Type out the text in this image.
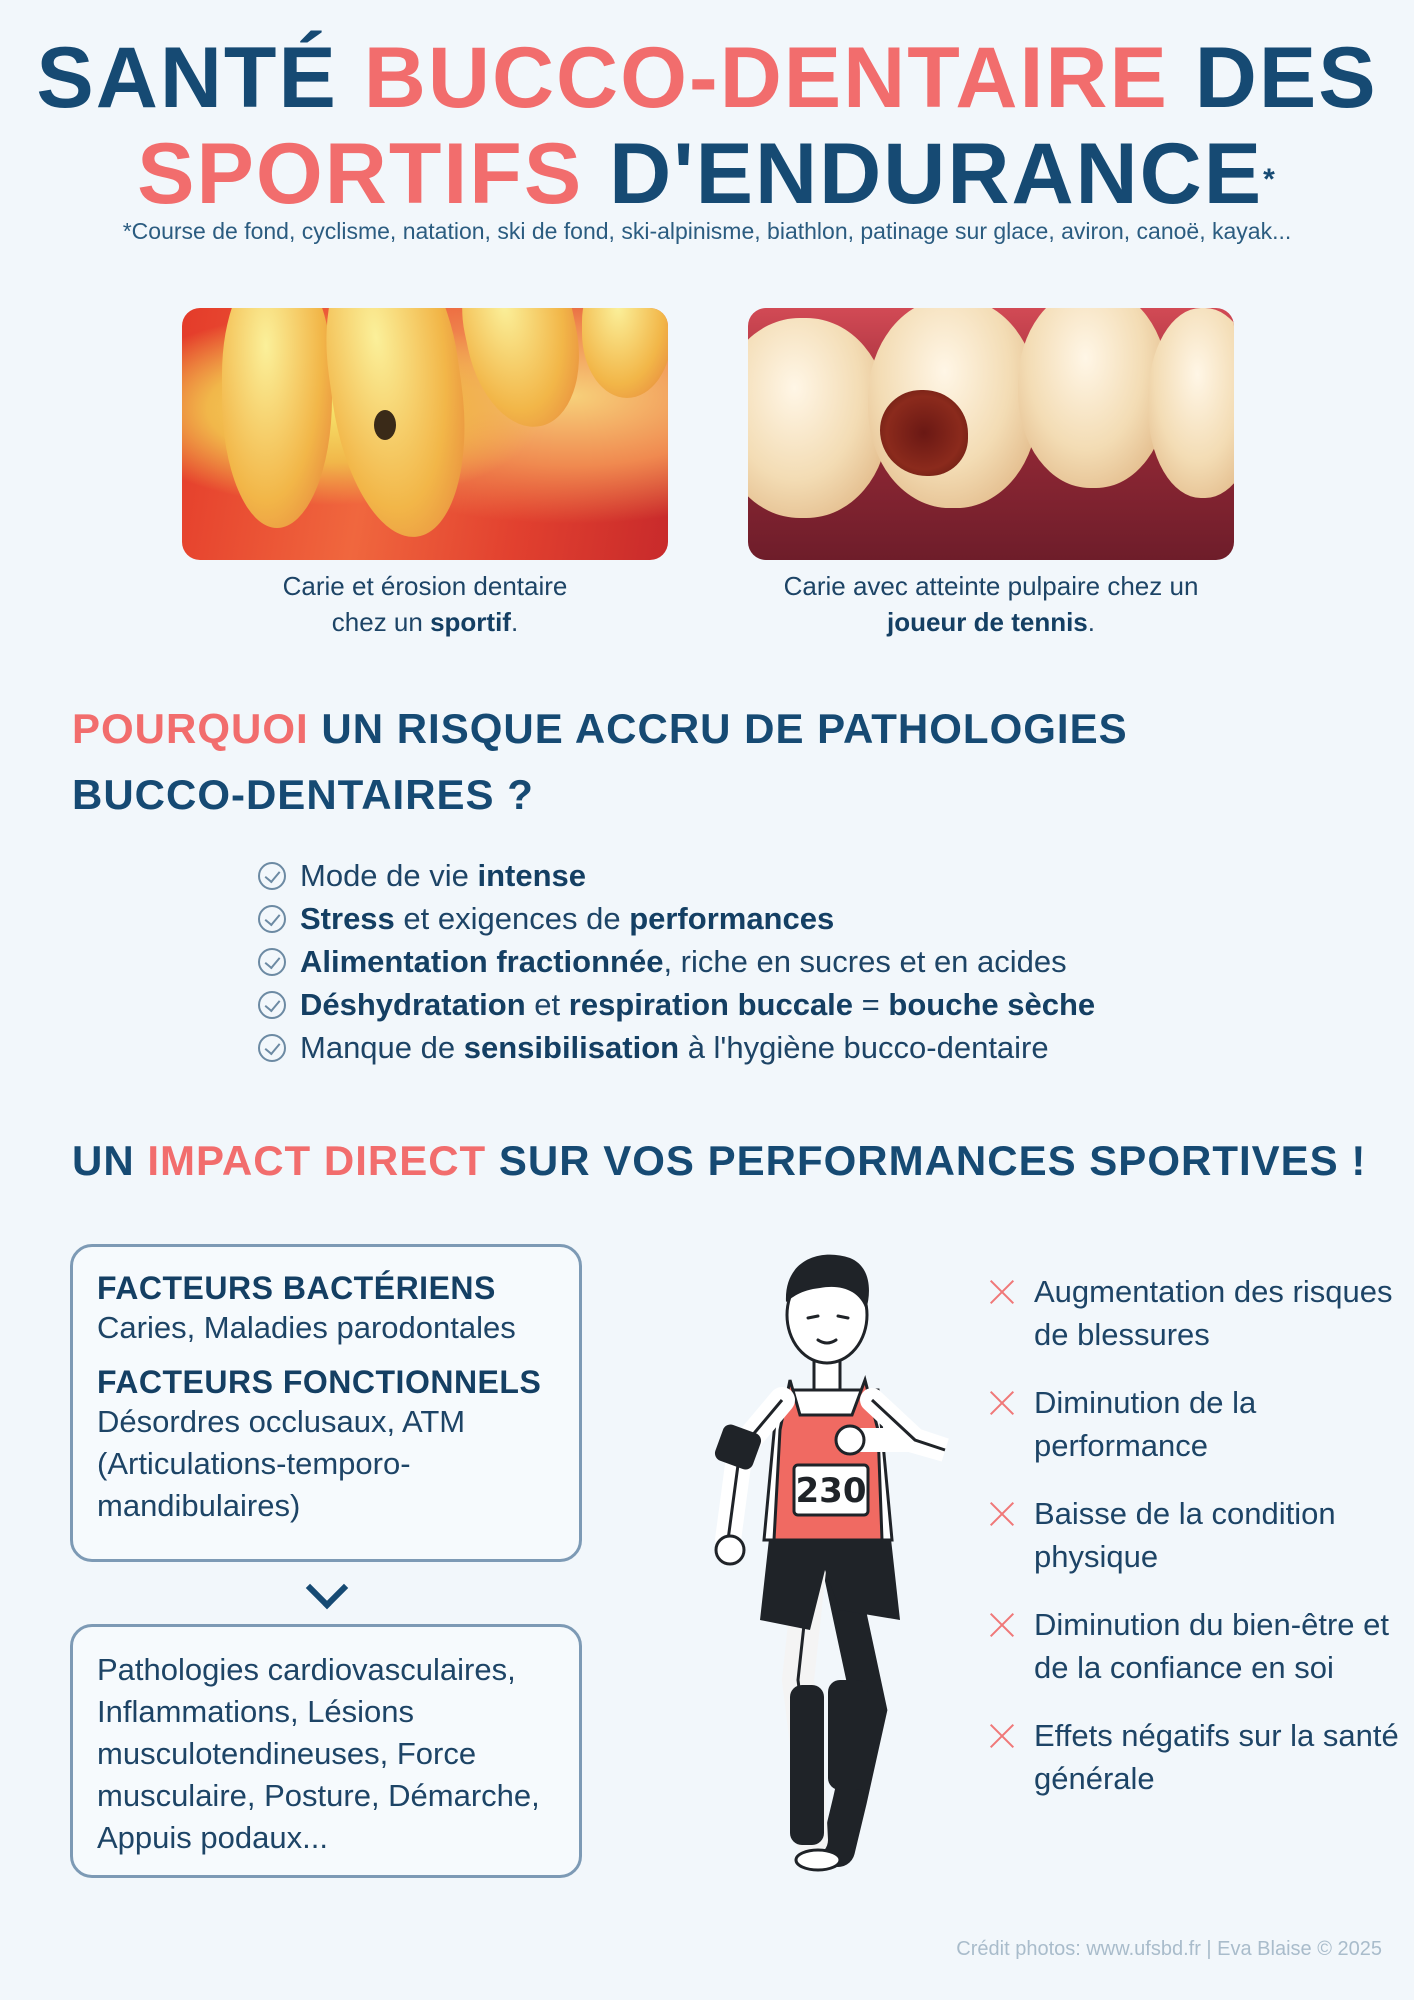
SANTÉ BUCCO-DENTAIRE DES
SPORTIFS D'ENDURANCE*

*Course de fond, cyclisme, natation, ski de fond, ski-alpinisme, biathlon, patinage sur glace, aviron, canoë, kayak...

Carie et érosion dentaire
chez un sportif.

Carie avec atteinte pulpaire chez un
joueur de tennis.

POURQUOI UN RISQUE ACCRU DE PATHOLOGIES
BUCCO-DENTAIRES ?
Mode de vie intense
Stress et exigences de performances
Alimentation fractionnée, riche en sucres et en acides
Déshydratation et respiration buccale = bouche sèche
Manque de sensibilisation à l'hygiène bucco-dentaire
UN IMPACT DIRECT SUR VOS PERFORMANCES SPORTIVES !
FACTEURS BACTÉRIENS

Caries, Maladies parodontales

FACTEURS FONCTIONNELS

Désordres occlusaux, ATM (Articulations-temporo-mandibulaires)

Pathologies cardiovasculaires, Inflammations, Lésions musculotendineuses, Force musculaire, Posture, Démarche, Appuis podaux...

230
Augmentation des risques de blessures
Diminution de la performance
Baisse de la condition physique
Diminution du bien-être et de la confiance en soi
Effets négatifs sur la santé générale

Crédit photos: www.ufsbd.fr | Eva Blaise © 2025
